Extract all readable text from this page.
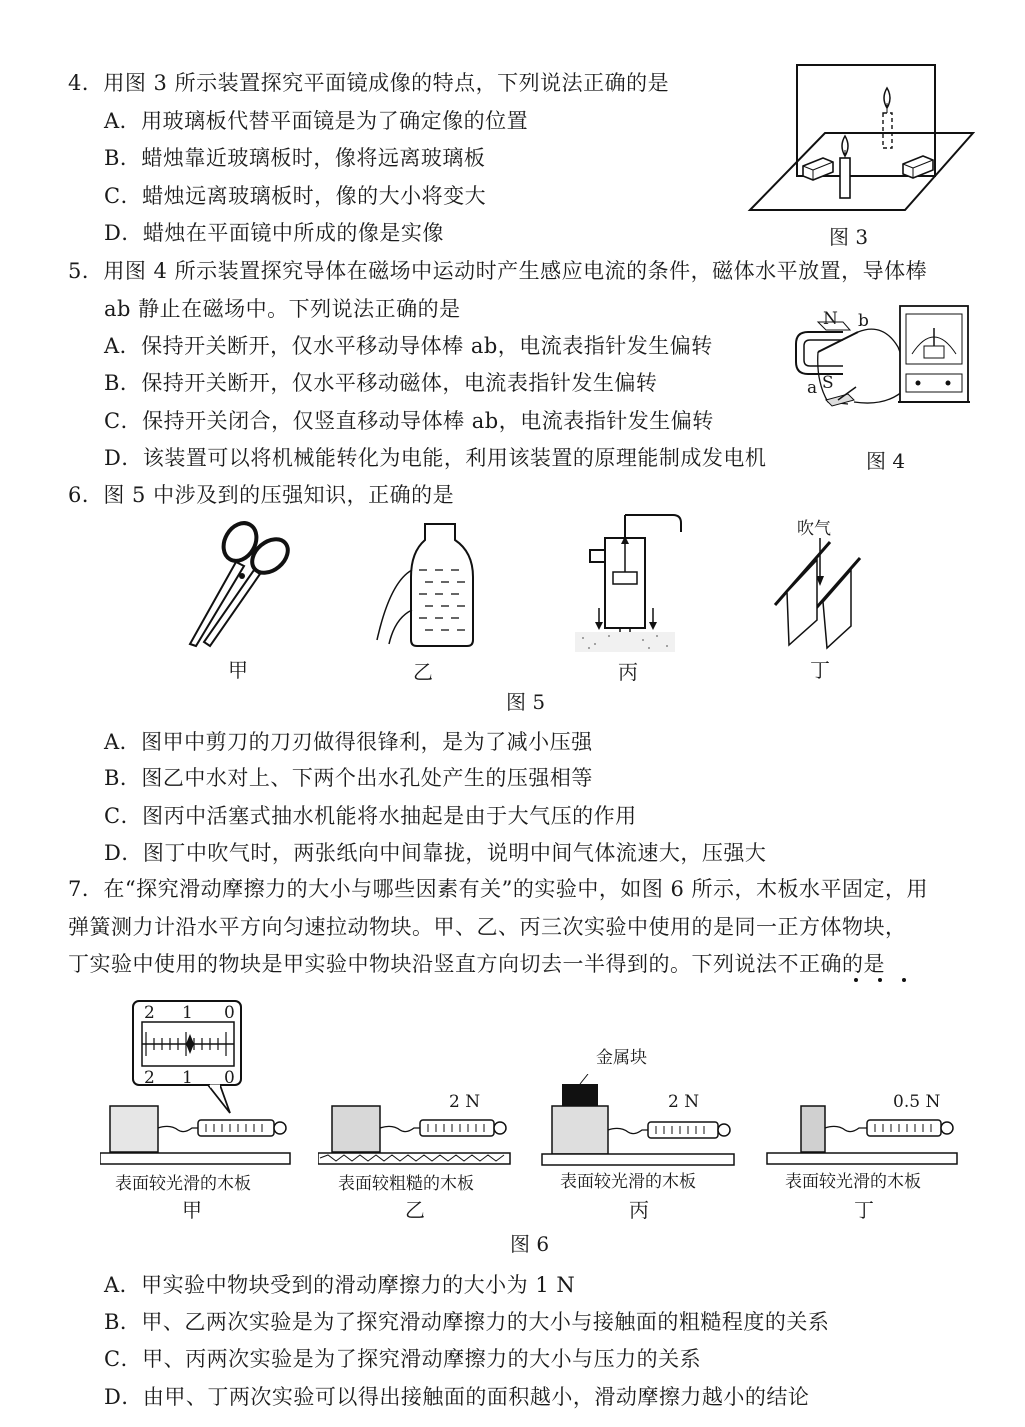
4．用图 3 所示装置探究平面镜成像的特点，下列说法正确的是
A．用玻璃板代替平面镜是为了确定像的位置
B．蜡烛靠近玻璃板时，像将远离玻璃板
C．蜡烛远离玻璃板时，像的大小将变大
D．蜡烛在平面镜中所成的像是实像	图 3
5．用图 4 所示装置探究导体在磁场中运动时产生感应电流的条件，磁体水平放置，导体棒
ab 静止在磁场中。下列说法正确的是
A．保持开关断开，仅水平移动导体棒 ab，电流表指针发生偏转
B．保持开关断开，仅水平移动磁体，电流表指针发生偏转
C．保持开关闭合，仅竖直移动导体棒 ab，电流表指针发生偏转
D．该装置可以将机械能转化为电能，利用该装置的原理能制成发电机
N b
a S
图 4
6．图 5 中涉及到的压强知识，正确的是
吹气
甲	乙	丙	丁
图 5
A．图甲中剪刀的刀刃做得很锋利，是为了减小压强
B．图乙中水对上、下两个出水孔处产生的压强相等
C．图丙中活塞式抽水机能将水抽起是由于大气压的作用
D．图丁中吹气时，两张纸向中间靠拢，说明中间气体流速大，压强大
7．在“探究滑动摩擦力的大小与哪些因素有关”的实验中，如图 6 所示，木板水平固定，用
弹簧测力计沿水平方向匀速拉动物块。甲、乙、丙三次实验中使用的是同一正方体物块，
丁实验中使用的物块是甲实验中物块沿竖直方向切去一半得到的。下列说法不正确的是
2 1 0
2 1 0
表面较光滑的木板
甲
2 N
表面较粗糙的木板
乙
金属块
2 N
表面较光滑的木板
丙
0.5 N
表面较光滑的木板
丁
图 6
A．甲实验中物块受到的滑动摩擦力的大小为 1 N
B．甲、乙两次实验是为了探究滑动摩擦力的大小与接触面的粗糙程度的关系
C．甲、丙两次实验是为了探究滑动摩擦力的大小与压力的关系
D．由甲、丁两次实验可以得出接触面的面积越小，滑动摩擦力越小的结论
